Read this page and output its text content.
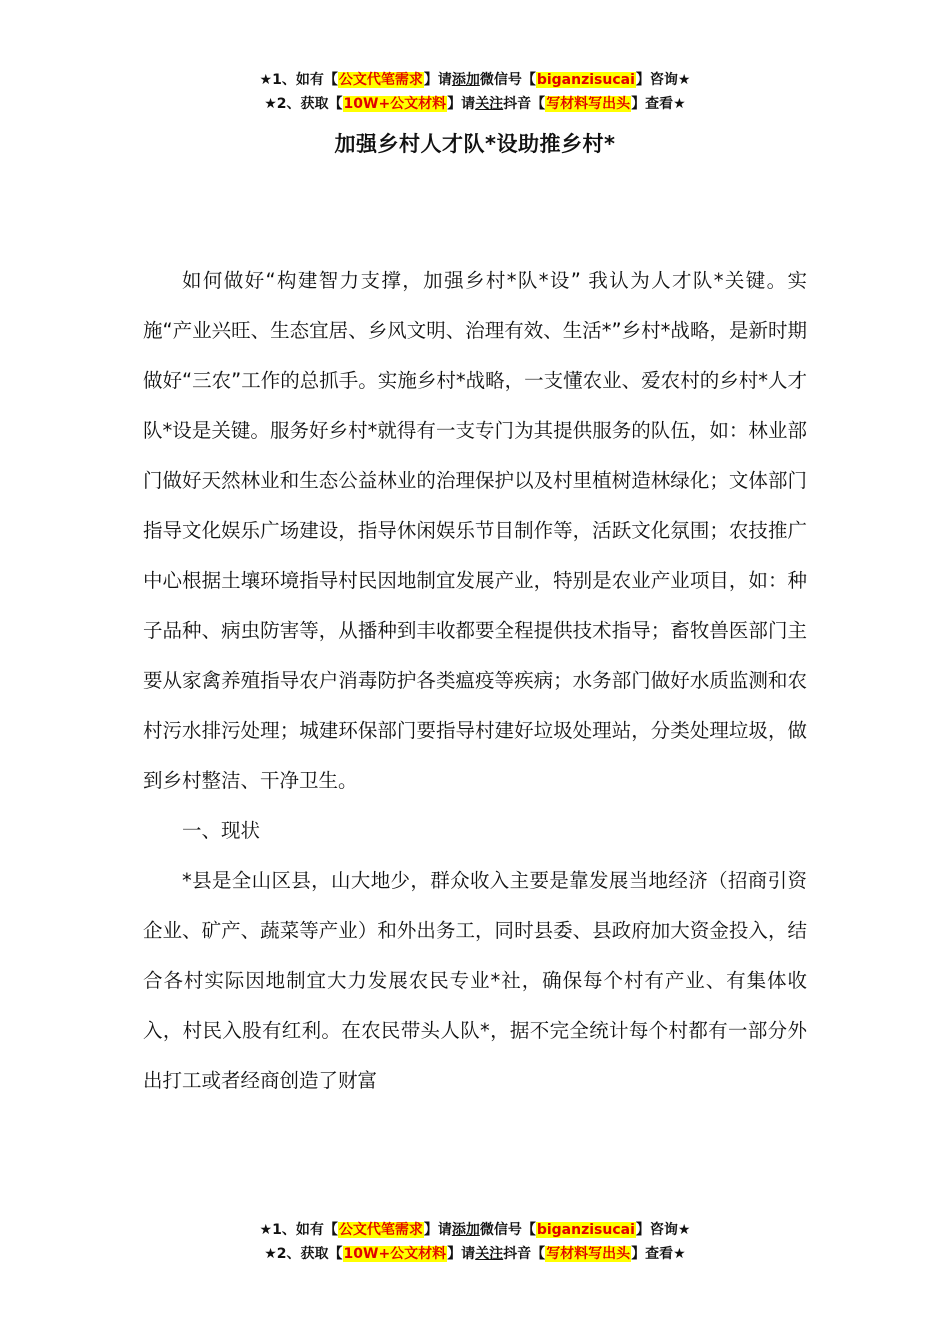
★1、如有【公文代笔需求】请添加微信号【biganzisucai】咨询★
★2、获取【10W+公文材料】请关注抖音【写材料写出头】查看★
加强乡村人才队*设助推乡村*

如何做好“构建智力支撑，加强乡村*队*设” 我认为人才队*关键。实施“产业兴旺、生态宜居、乡风文明、治理有效、生活*”乡村*战略，是新时期做好“三农”工作的总抓手。实施乡村*战略，一支懂农业、爱农村的乡村*人才队*设是关键。服务好乡村*就得有一支专门为其提供服务的队伍，如：林业部门做好天然林业和生态公益林业的治理保护以及村里植树造林绿化；文体部门指导文化娱乐广场建设，指导休闲娱乐节目制作等，活跃文化氛围；农技推广中心根据土壤环境指导村民因地制宜发展产业，特别是农业产业项目，如：种子品种、病虫防害等，从播种到丰收都要全程提供技术指导；畜牧兽医部门主要从家禽养殖指导农户消毒防护各类瘟疫等疾病；水务部门做好水质监测和农村污水排污处理；城建环保部门要指导村建好垃圾处理站，分类处理垃圾，做到乡村整洁、干净卫生。

一、现状

*县是全山区县，山大地少，群众收入主要是靠发展当地经济（招商引资企业、矿产、蔬菜等产业）和外出务工，同时县委、县政府加大资金投入，结合各村实际因地制宜大力发展农民专业*社，确保每个村有产业、有集体收入，村民入股有红利。在农民带头人队*，据不完全统计每个村都有一部分外出打工或者经商创造了财富

★1、如有【公文代笔需求】请添加微信号【biganzisucai】咨询★
★2、获取【10W+公文材料】请关注抖音【写材料写出头】查看★
